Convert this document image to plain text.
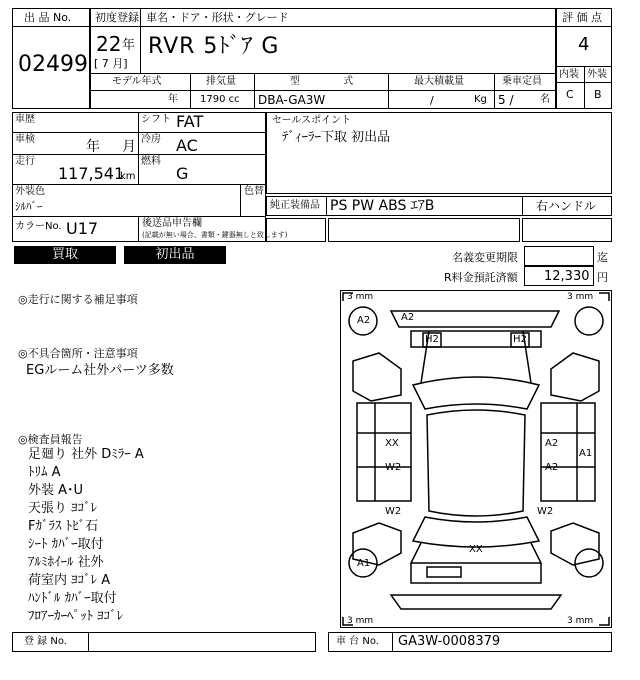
出 品 No.
02499
初度登録 車名・ドア・形状・グレード
22 年
[ 7 月]
RVR 5ﾄﾞｱ G
モデル年式
年
排気量
1790 cc
型 式
DBA-GA3W
最大積載量
/	Kg
乗車定員
5 /	名
評 価 点
4
内装 外装
C B
車歴	シフト FAT
車検	年 月 冷房 AC
走行
117,541
km
燃料
G
外装色
ｼﾙﾊﾞｰ
色替
カラーNo. U17	後送品申告欄
(記載が無い場合、書類・鍵器無しと致します)
セールスポイント
ﾃﾞｨｰﾗｰ下取 初出品
純正装備品 PS PW ABS ｴｱB	右ハンドル
買取	初出品	名義変更期限	迄
R料金預託済額 12,330 円
◎走行に関する補足事項
◎不具合箇所・注意事項
EGルーム社外パーツ多数
◎検査員報告
足廻り 社外 Dﾐﾗｰ A
ﾄﾘﾑ A
外装 A･U
天張り ﾖｺﾞﾚ
Fｶﾞﾗｽ ﾄﾋﾞ石
ｼｰﾄ ｶﾊﾞｰ取付
ｱﾙﾐﾎｲｰﾙ 社外
荷室内 ﾖｺﾞﾚ A
ﾊﾝﾄﾞﾙ ｶﾊﾞｰ取付
ﾌﾛｱｰｶｰﾍﾟｯﾄ ﾖｺﾞﾚ
3 mm	3 mm
3 mm	3 mm
A2	A2
H2	H2
XX	A2
A1
W2	A2
W2	W2
XX
A1
登 録 No.	車 台 No. GA3W-0008379
